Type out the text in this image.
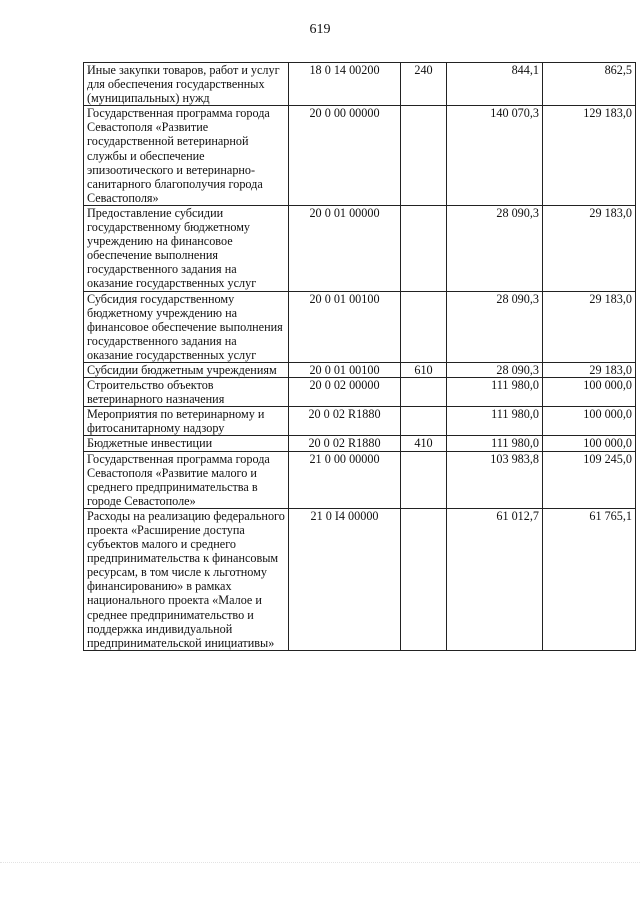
619
Иные закупки товаров, работ и услуг для обеспечения государственных (муниципальных) нужд	18 0 14 00200	240	844,1	862,5
Государственная программа города Севастополя «Развитие государственной ветеринарной службы и обеспечение эпизоотического и ветеринарно-санитарного благополучия города Севастополя»	20 0 00 00000		140 070,3	129 183,0
Предоставление субсидии государственному бюджетному учреждению на финансовое обеспечение выполнения государственного задания на оказание государственных услуг	20 0 01 00000		28 090,3	29 183,0
Субсидия государственному бюджетному учреждению на финансовое обеспечение выполнения государственного задания на оказание государственных услуг	20 0 01 00100		28 090,3	29 183,0
Субсидии бюджетным учреждениям	20 0 01 00100	610	28 090,3	29 183,0
Строительство объектов ветеринарного назначения	20 0 02 00000		111 980,0	100 000,0
Мероприятия по ветеринарному и фитосанитарному надзору	20 0 02 R1880		111 980,0	100 000,0
Бюджетные инвестиции	20 0 02 R1880	410	111 980,0	100 000,0
Государственная программа города Севастополя «Развитие малого и среднего предпринимательства в городе Севастополе»	21 0 00 00000		103 983,8	109 245,0
Расходы на реализацию федерального проекта «Расширение доступа субъектов малого и среднего предпринимательства к финансовым ресурсам, в том числе к льготному финансированию» в рамках национального проекта «Малое и среднее предпринимательство и поддержка индивидуальной предпринимательской инициативы»	21 0 I4 00000		61 012,7	61 765,1
